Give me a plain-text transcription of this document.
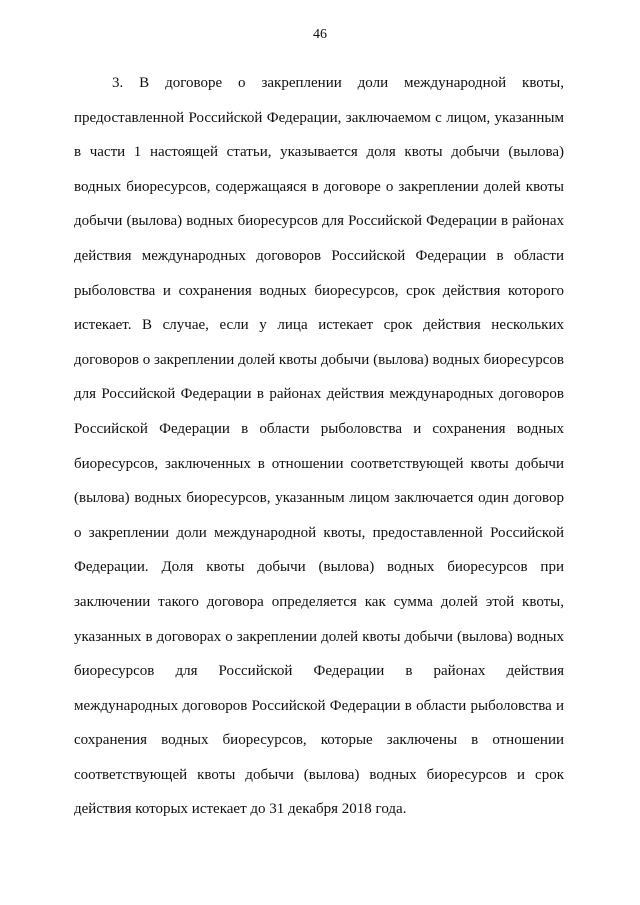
46
3. В договоре о закреплении доли международной квоты,
предоставленной Российской Федерации, заключаемом с лицом, указанным
в части 1 настоящей статьи, указывается доля квоты добычи (вылова)
водных биоресурсов, содержащаяся в договоре о закреплении долей квоты
добычи (вылова) водных биоресурсов для Российской Федерации в районах
действия международных договоров Российской Федерации в области
рыболовства и сохранения водных биоресурсов, срок действия которого
истекает. В случае, если у лица истекает срок действия нескольких
договоров о закреплении долей квоты добычи (вылова) водных биоресурсов
для Российской Федерации в районах действия международных договоров
Российской Федерации в области рыболовства и сохранения водных
биоресурсов, заключенных в отношении соответствующей квоты добычи
(вылова) водных биоресурсов, указанным лицом заключается один договор
о закреплении доли международной квоты, предоставленной Российской
Федерации. Доля квоты добычи (вылова) водных биоресурсов при
заключении такого договора определяется как сумма долей этой квоты,
указанных в договорах о закреплении долей квоты добычи (вылова) водных
биоресурсов для Российской Федерации в районах действия
международных договоров Российской Федерации в области рыболовства и
сохранения водных биоресурсов, которые заключены в отношении
соответствующей квоты добычи (вылова) водных биоресурсов и срок
действия которых истекает до 31 декабря 2018 года.
